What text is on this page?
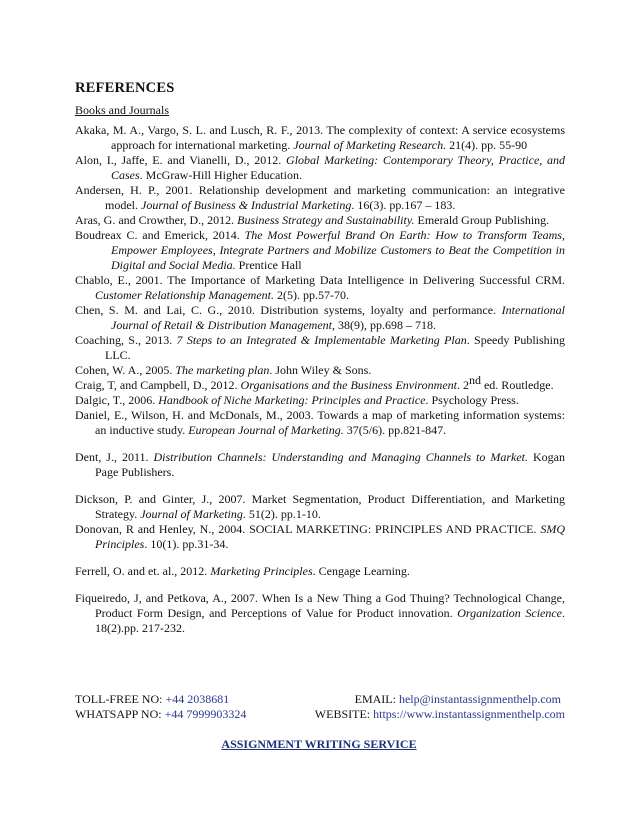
REFERENCES
Books and Journals

Akaka, M. A., Vargo, S. L. and Lusch, R. F., 2013. The complexity of context: A service ecosystems approach for international marketing. Journal of Marketing Research. 21(4). pp. 55-90

Alon, I., Jaffe, E. and Vianelli, D., 2012. Global Marketing: Contemporary Theory, Practice, and Cases. McGraw-Hill Higher Education.

Andersen, H. P., 2001. Relationship development and marketing communication: an integrative model. Journal of Business & Industrial Marketing. 16(3). pp.167 – 183.

Aras, G. and Crowther, D., 2012. Business Strategy and Sustainability. Emerald Group Publishing.

Boudreax C. and Emerick, 2014. The Most Powerful Brand On Earth: How to Transform Teams, Empower Employees, Integrate Partners and Mobilize Customers to Beat the Competition in Digital and Social Media. Prentice Hall

Chablo, E., 2001. The Importance of Marketing Data Intelligence in Delivering Successful CRM. Customer Relationship Management. 2(5). pp.57-70.

Chen, S. M. and Lai, C. G., 2010. Distribution systems, loyalty and performance. International Journal of Retail & Distribution Management, 38(9), pp.698 – 718.

Coaching, S., 2013. 7 Steps to an Integrated & Implementable Marketing Plan. Speedy Publishing LLC.

Cohen, W. A., 2005. The marketing plan. John Wiley & Sons.

Craig, T, and Campbell, D., 2012. Organisations and the Business Environment. 2nd ed. Routledge.

Dalgic, T., 2006. Handbook of Niche Marketing: Principles and Practice. Psychology Press.

Daniel, E., Wilson, H. and McDonals, M., 2003. Towards a map of marketing information systems: an inductive study. European Journal of Marketing. 37(5/6). pp.821-847.

Dent, J., 2011. Distribution Channels: Understanding and Managing Channels to Market. Kogan Page Publishers.

Dickson, P. and Ginter, J., 2007. Market Segmentation, Product Differentiation, and Marketing Strategy. Journal of Marketing. 51(2). pp.1-10.

Donovan, R and Henley, N., 2004. SOCIAL MARKETING: PRINCIPLES AND PRACTICE. SMQ Principles. 10(1). pp.31-34.

Ferrell, O. and et. al., 2012. Marketing Principles. Cengage Learning.

Fiqueiredo, J, and Petkova, A., 2007. When Is a New Thing a God Thuing? Technological Change, Product Form Design, and Perceptions of Value for Product innovation. Organization Science. 18(2).pp. 217-232.

TOLL-FREE NO: +44 2038681	EMAIL: help@instantassignmenthelp.com
WHATSAPP NO: +44 7999903324	WEBSITE: https://www.instantassignmenthelp.com
ASSIGNMENT WRITING SERVICE
